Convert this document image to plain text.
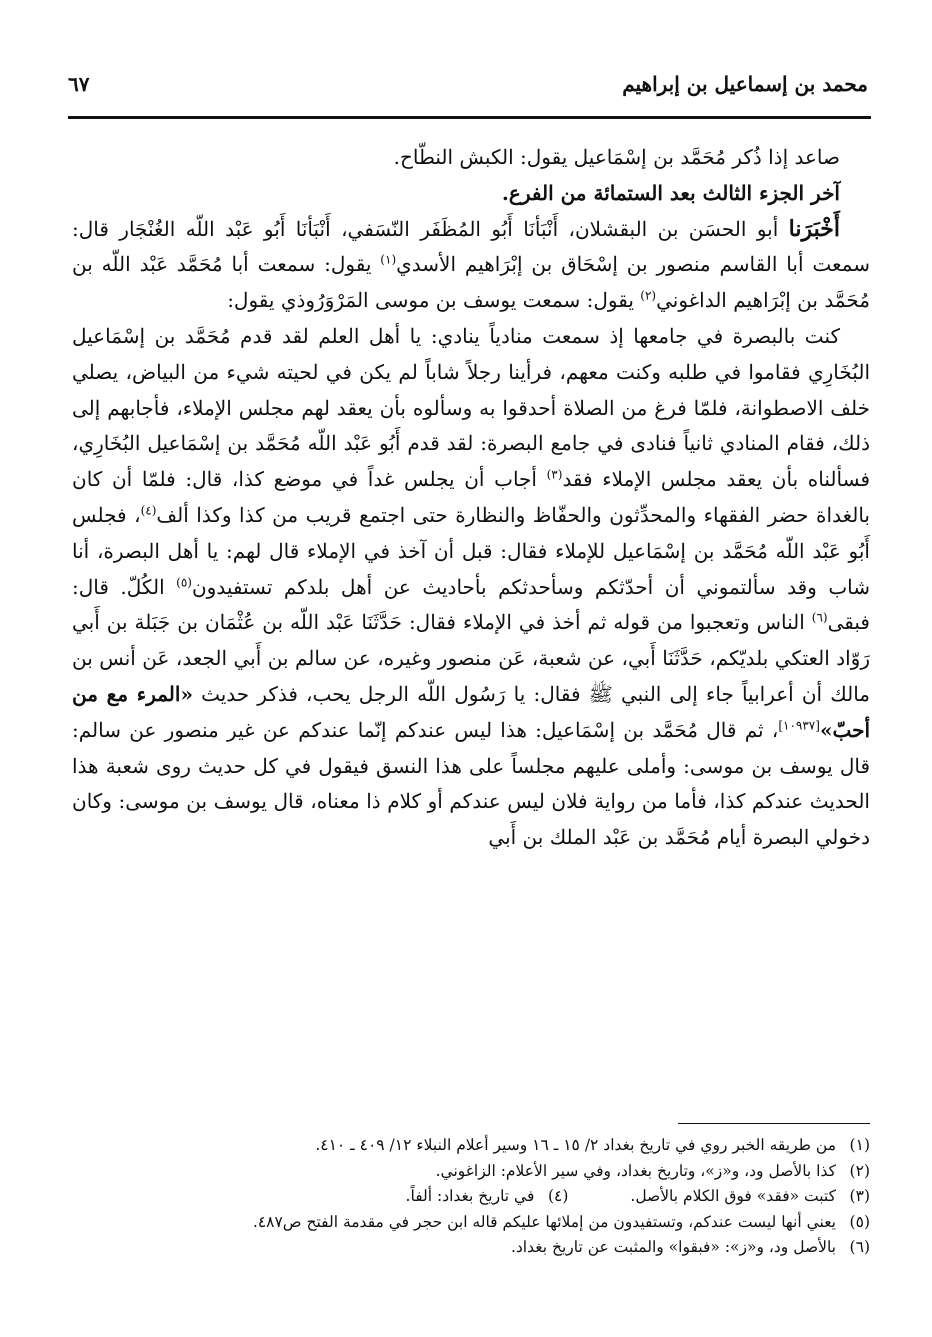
محمد بن إسماعيل بن إبراهيم
٦٧

صاعد إذا ذُكر مُحَمَّد بن إسْمَاعيل يقول: الكبش النطّاح.

آخر الجزء الثالث بعد الستمائة من الفرع.

أَخْبَرَنا أبو الحسَن بن البقشلان، أَنْبَأنَا أَبُو المُظَفَر النّسَفي، أَنْبَأنَا أَبُو عَبْد اللّه الغُنْجَار قال: سمعت أبا القاسم منصور بن إسْحَاق بن إبْرَاهيم الأسدي$^{(١)}$ يقول: سمعت أبا مُحَمَّد عَبْد اللّه بن مُحَمَّد بن إبْرَاهيم الداغوني$^{(٢)}$ يقول: سمعت يوسف بن موسى المَرْوَرُوذي يقول:

كنت بالبصرة في جامعها إذ سمعت منادياً ينادي: يا أهل العلم لقد قدم مُحَمَّد بن إسْمَاعيل البُخَارِي فقاموا في طلبه وكنت معهم، فرأينا رجلاً شاباً لم يكن في لحيته شيء من البياض، يصلي خلف الاصطوانة، فلمّا فرغ من الصلاة أحدقوا به وسألوه بأن يعقد لهم مجلس الإملاء، فأجابهم إلى ذلك، فقام المنادي ثانياً فنادى في جامع البصرة: لقد قدم أَبُو عَبْد اللّه مُحَمَّد بن إسْمَاعيل البُخَارِي، فسألناه بأن يعقد مجلس الإملاء فقد$^{(٣)}$ أجاب أن يجلس غداً في موضع كذا، قال: فلمّا أن كان بالغداة حضر الفقهاء والمحدِّثون والحفّاظ والنظارة حتى اجتمع قريب من كذا وكذا ألف$^{(٤)}$، فجلس أَبُو عَبْد اللّه مُحَمَّد بن إسْمَاعيل للإملاء فقال: قبل أن آخذ في الإملاء قال لهم: يا أهل البصرة، أنا شاب وقد سألتموني أن أحدّثكم وسأحدثكم بأحاديث عن أهل بلدكم تستفيدون$^{(٥)}$ الكُلّ. قال: فبقى$^{(٦)}$ الناس وتعجبوا من قوله ثم أخذ في الإملاء فقال: حَدَّثَنَا عَبْد اللّه بن عُثْمَان بن جَبَلة بن أَبي رَوّاد العتكي بلديّكم، حَدَّثَنَا أَبي، عن شعبة، عَن منصور وغيره، عن سالم بن أَبي الجعد، عَن أنس بن مالك أن أعرابياً جاء إلى النبي ﷺ فقال: يا رَسُول اللّه الرجل يحب، فذكر حديث «المرء مع من أحبّ»[١٠٩٣٧]، ثم قال مُحَمَّد بن إسْمَاعيل: هذا ليس عندكم إنّما عندكم عن غير منصور عن سالم: قال يوسف بن موسى: وأملى عليهم مجلساً على هذا النسق فيقول في كل حديث روى شعبة هذا الحديث عندكم كذا، فأما من رواية فلان ليس عندكم أو كلام ذا معناه، قال يوسف بن موسى: وكان دخولي البصرة أيام مُحَمَّد بن عَبْد الملك بن أَبي

(١)من طريقه الخبر روي في تاريخ بغداد ٢/ ١٥ ـ ١٦ وسير أعلام النبلاء ١٢/ ٤٠٩ ـ ٤١٠.
(٢)كذا بالأصل ود، و«ز»، وتاريخ بغداد، وفي سير الأعلام: الزاغوني.
(٣)كتبت «فقد» فوق الكلام بالأصل.(٤)في تاريخ بغداد: ألفاً.
(٥)يعني أنها ليست عندكم، وتستفيدون من إملائها عليكم قاله ابن حجر في مقدمة الفتح ص٤٨٧.
(٦)بالأصل ود، و«ز»: «فبقوا» والمثبت عن تاريخ بغداد.
